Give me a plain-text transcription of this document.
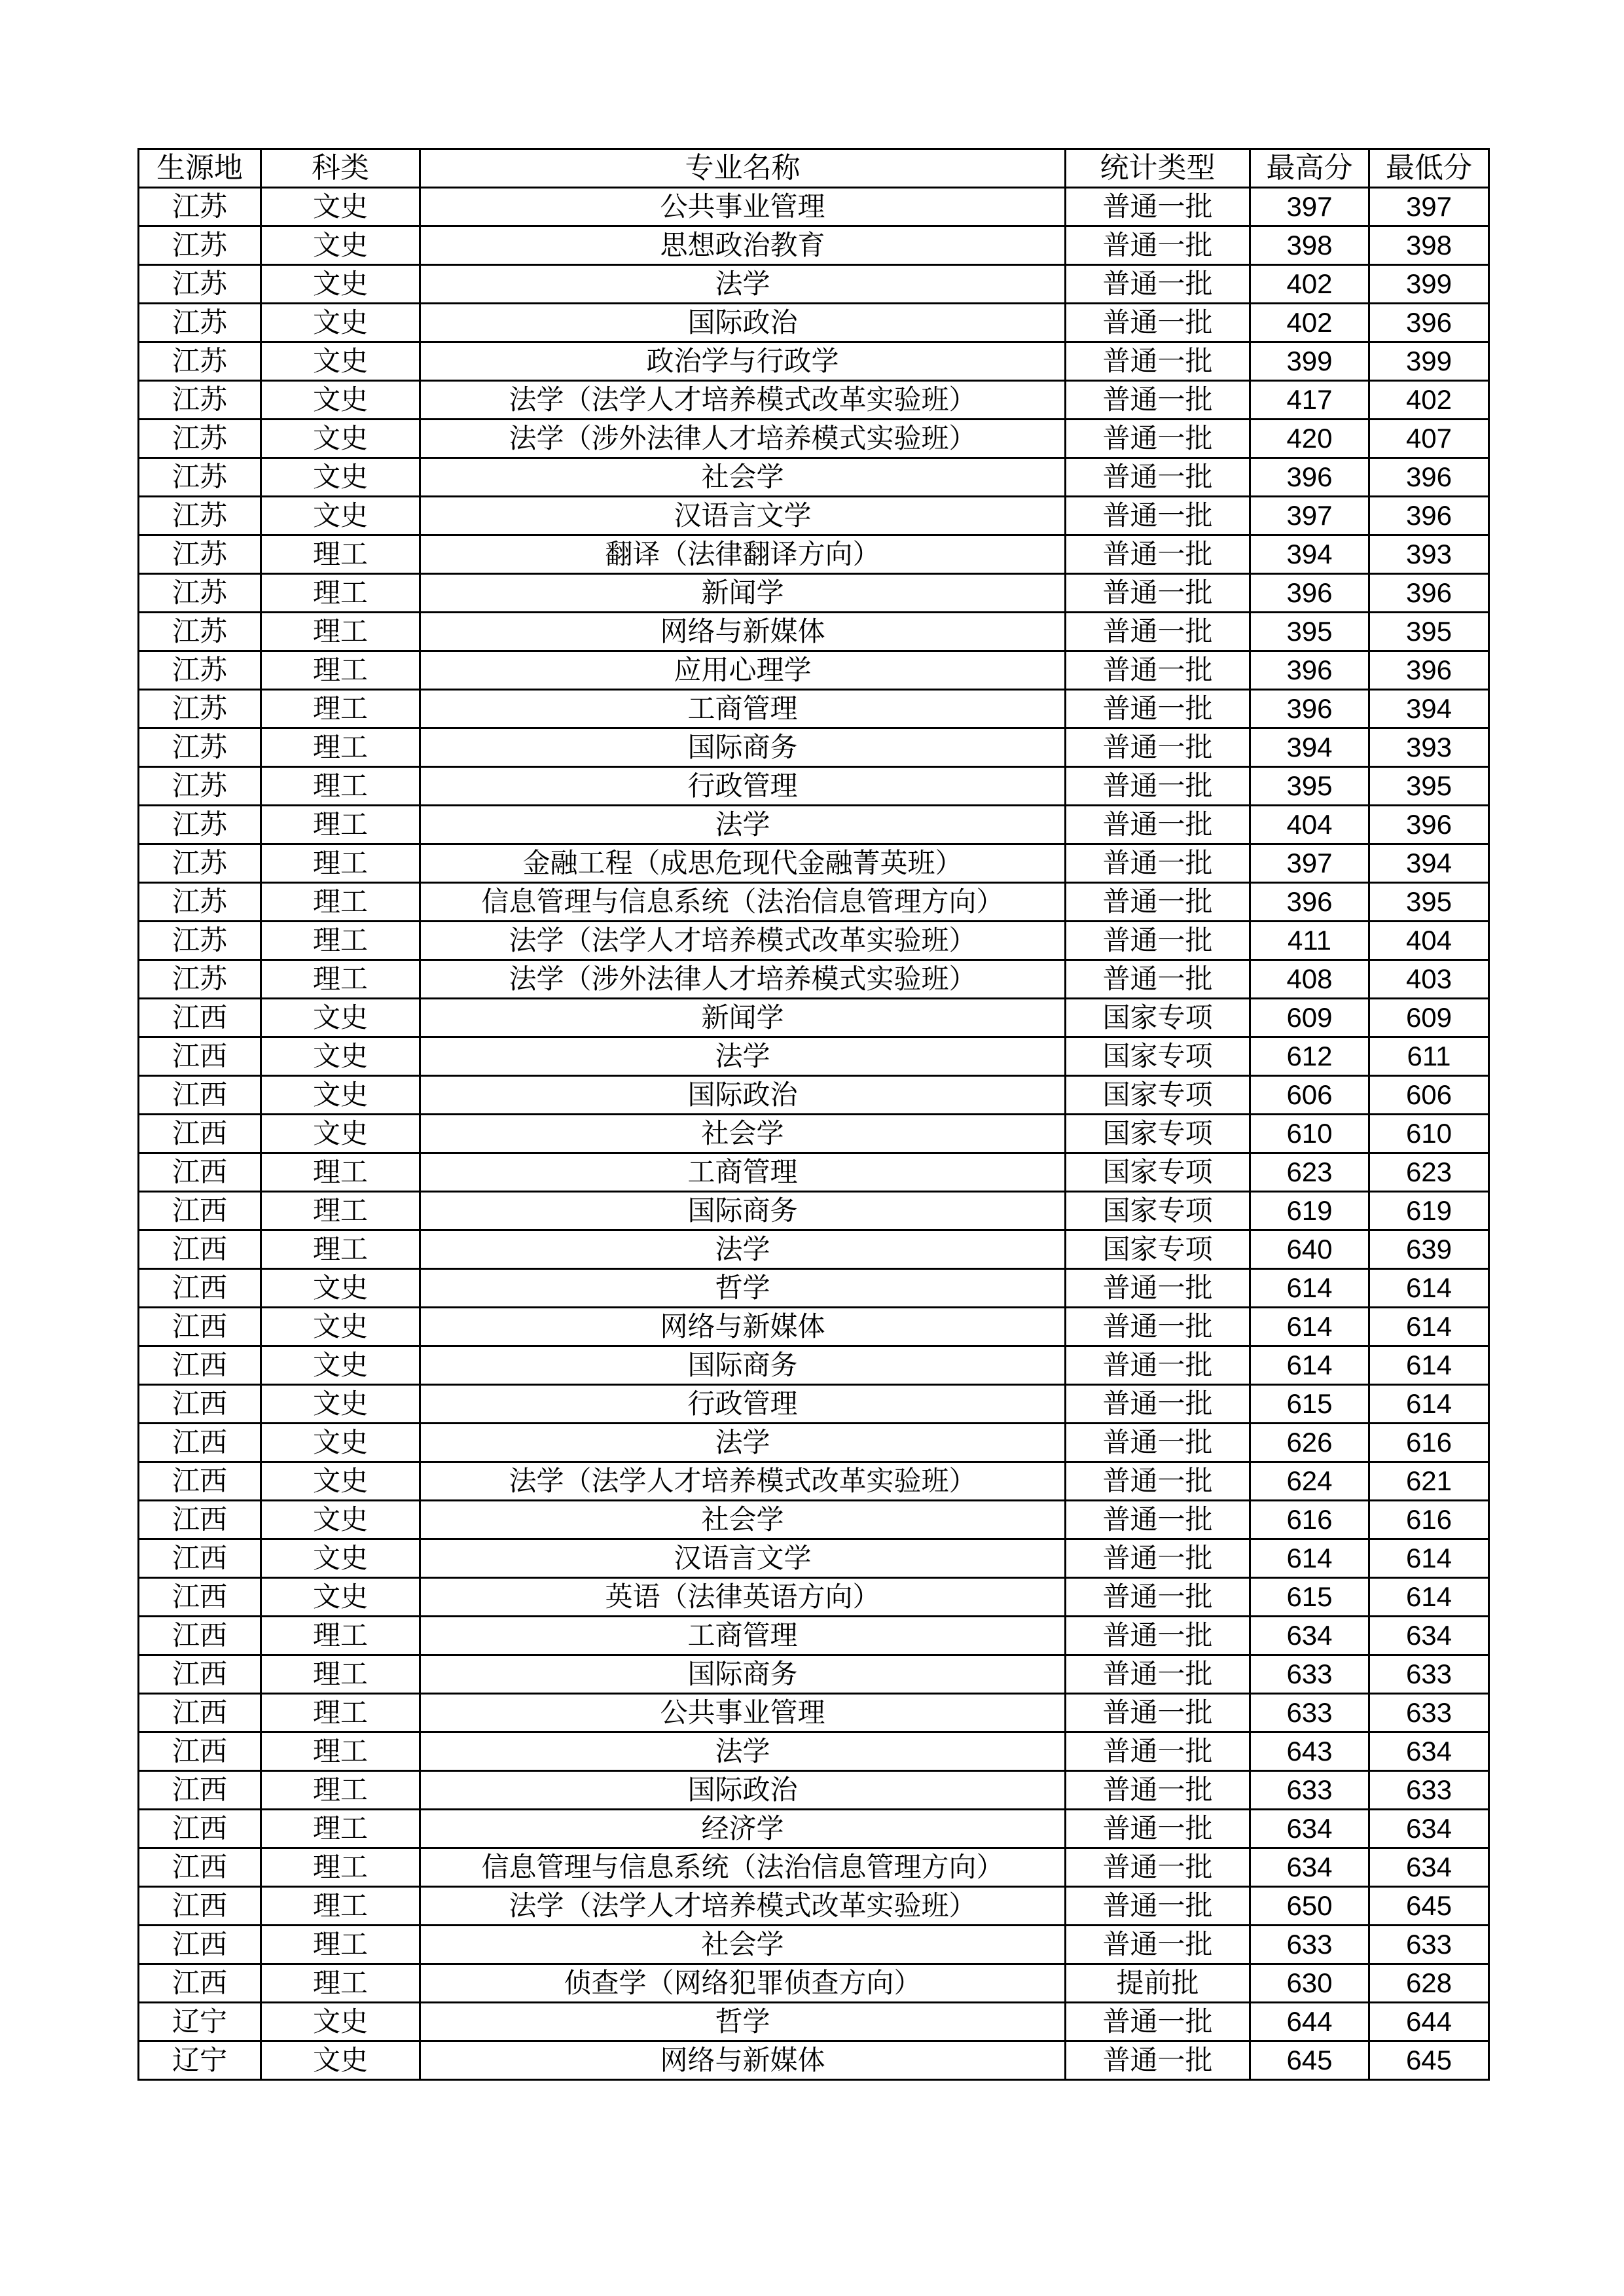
生源地	科类	专业名称	统计类型	最高分	最低分
江苏	文史	公共事业管理	普通一批	397	397
江苏	文史	思想政治教育	普通一批	398	398
江苏	文史	法学	普通一批	402	399
江苏	文史	国际政治	普通一批	402	396
江苏	文史	政治学与行政学	普通一批	399	399
江苏	文史	法学（法学人才培养模式改革实验班）	普通一批	417	402
江苏	文史	法学（涉外法律人才培养模式实验班）	普通一批	420	407
江苏	文史	社会学	普通一批	396	396
江苏	文史	汉语言文学	普通一批	397	396
江苏	理工	翻译（法律翻译方向）	普通一批	394	393
江苏	理工	新闻学	普通一批	396	396
江苏	理工	网络与新媒体	普通一批	395	395
江苏	理工	应用心理学	普通一批	396	396
江苏	理工	工商管理	普通一批	396	394
江苏	理工	国际商务	普通一批	394	393
江苏	理工	行政管理	普通一批	395	395
江苏	理工	法学	普通一批	404	396
江苏	理工	金融工程（成思危现代金融菁英班）	普通一批	397	394
江苏	理工	信息管理与信息系统（法治信息管理方向）	普通一批	396	395
江苏	理工	法学（法学人才培养模式改革实验班）	普通一批	411	404
江苏	理工	法学（涉外法律人才培养模式实验班）	普通一批	408	403
江西	文史	新闻学	国家专项	609	609
江西	文史	法学	国家专项	612	611
江西	文史	国际政治	国家专项	606	606
江西	文史	社会学	国家专项	610	610
江西	理工	工商管理	国家专项	623	623
江西	理工	国际商务	国家专项	619	619
江西	理工	法学	国家专项	640	639
江西	文史	哲学	普通一批	614	614
江西	文史	网络与新媒体	普通一批	614	614
江西	文史	国际商务	普通一批	614	614
江西	文史	行政管理	普通一批	615	614
江西	文史	法学	普通一批	626	616
江西	文史	法学（法学人才培养模式改革实验班）	普通一批	624	621
江西	文史	社会学	普通一批	616	616
江西	文史	汉语言文学	普通一批	614	614
江西	文史	英语（法律英语方向）	普通一批	615	614
江西	理工	工商管理	普通一批	634	634
江西	理工	国际商务	普通一批	633	633
江西	理工	公共事业管理	普通一批	633	633
江西	理工	法学	普通一批	643	634
江西	理工	国际政治	普通一批	633	633
江西	理工	经济学	普通一批	634	634
江西	理工	信息管理与信息系统（法治信息管理方向）	普通一批	634	634
江西	理工	法学（法学人才培养模式改革实验班）	普通一批	650	645
江西	理工	社会学	普通一批	633	633
江西	理工	侦查学（网络犯罪侦查方向）	提前批	630	628
辽宁	文史	哲学	普通一批	644	644
辽宁	文史	网络与新媒体	普通一批	645	645
